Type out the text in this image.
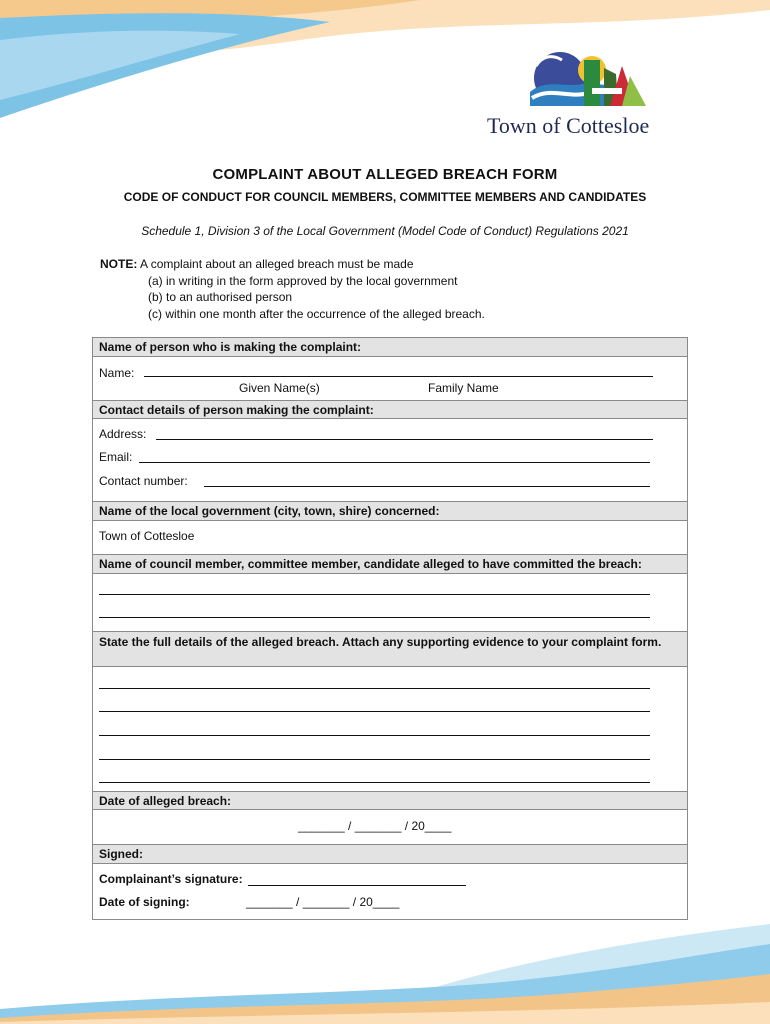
Town of Cottesloe
COMPLAINT ABOUT ALLEGED BREACH FORM
CODE OF CONDUCT FOR COUNCIL MEMBERS, COMMITTEE MEMBERS AND CANDIDATES
Schedule 1, Division 3 of the Local Government (Model Code of Conduct) Regulations 2021
NOTE: A complaint about an alleged breach must be made
(a) in writing in the form approved by the local government
(b) to an authorised person
(c) within one month after the occurrence of the alleged breach.
Name of person who is making the complaint:
Name:
Given Name(s)	Family Name
Contact details of person making the complaint:
Address:
Email:
Contact number:
Name of the local government (city, town, shire) concerned:
Town of Cottesloe
Name of council member, committee member, candidate alleged to have committed the breach:
State the full details of the alleged breach. Attach any supporting evidence to your complaint form.
Date of alleged breach:
_______ / _______ / 20____
Signed:
Complainant’s signature:
Date of signing:	_______ / _______ / 20____
